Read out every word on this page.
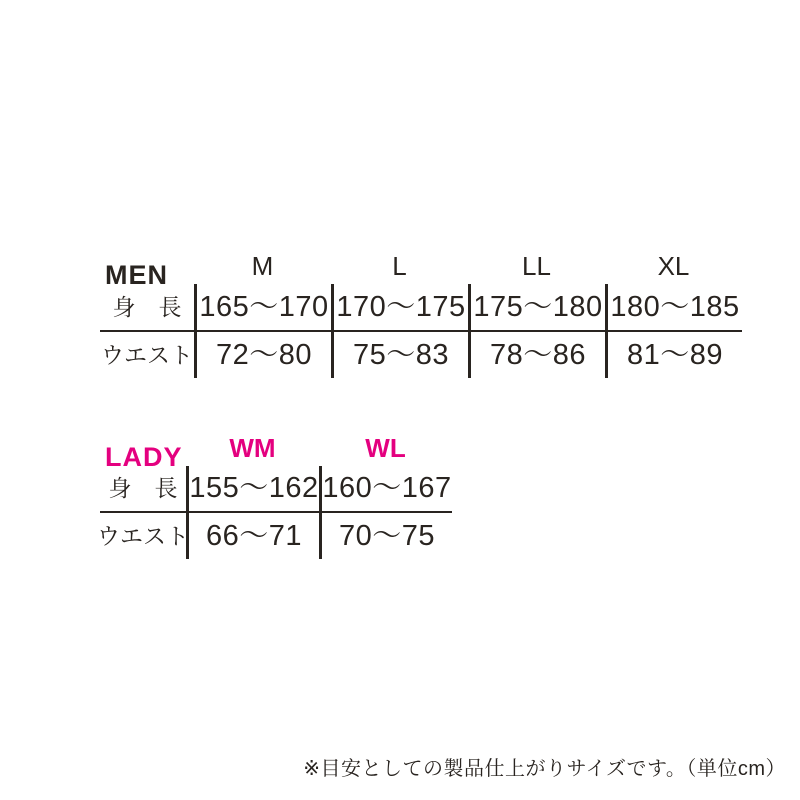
MEN	M	L	LL	XL
身　長 165～170 170～175 175～180 180～185
ウエスト 72～80	75～83	78～86	81～89
LADY	WM	WL
身　長 155～162 160～167
ウエスト 66～71	70～75

※目安としての製品仕上がりサイズです。（単位cm）
